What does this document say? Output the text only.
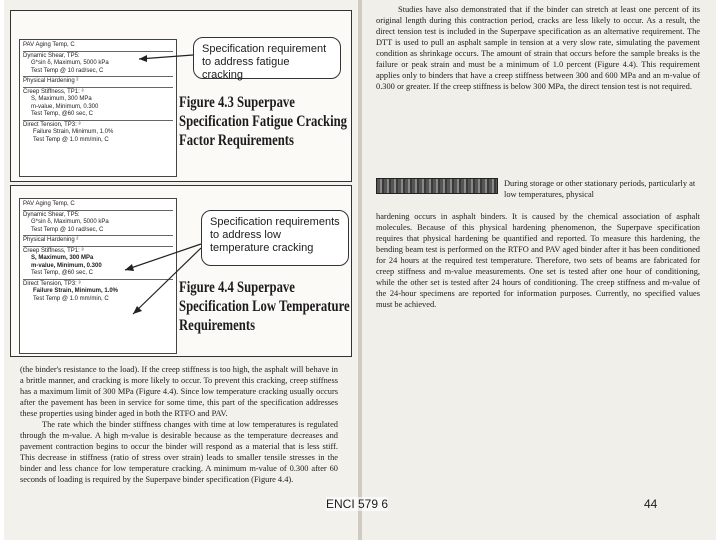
PAV Aging Temp, C
Dynamic Shear, TP5:
G*sin δ, Maximum, 5000 kPa
Test Temp @ 10 rad/sec, C
Physical Hardening ²
Creep Stiffness, TP1: ³
S, Maximum, 300 MPa
m-value, Minimum, 0.300
Test Temp, @60 sec, C
Direct Tension, TP3: ³
Failure Strain, Minimum, 1.0%
Test Temp @ 1.0 mm/min, C
Specification requirement to address fatigue cracking
Figure 4.3 Superpave
Specification Fatigue Cracking
Factor Requirements
PAV Aging Temp, C
Dynamic Shear, TP5:
G*sin δ, Maximum, 5000 kPa
Test Temp @ 10 rad/sec, C
Physical Hardening ²
Creep Stiffness, TP1: ³
S, Maximum, 300 MPa
m-value, Minimum, 0.300
Test Temp, @60 sec, C
Direct Tension, TP3: ³
Failure Strain, Minimum, 1.0%
Test Temp @ 1.0 mm/min, C
Specification requirements to address low temperature cracking
Figure 4.4 Superpave
Specification Low Temperature
Requirements

(the binder's resistance to the load). If the creep stiffness is too high, the asphalt will behave in a brittle manner, and cracking is more likely to occur. To prevent this cracking, creep stiffness has a maximum limit of 300 MPa (Figure 4.4). Since low temperature cracking usually occurs after the pavement has been in service for some time, this part of the specification addresses these properties using binder aged in both the RTFO and PAV.

The rate which the binder stiffness changes with time at low temperatures is regulated through the m-value. A high m-value is desirable because as the temperature decreases and pavement contraction begins to occur the binder will respond as a material that is less stiff. This decrease in stiffness (ratio of stress over strain) leads to smaller tensile stresses in the binder and less chance for low temperature cracking. A minimum m-value of 0.300 after 60 seconds of loading is required by the Superpave binder specification (Figure 4.4).

Studies have also demonstrated that if the binder can stretch at least one percent of its original length during this contraction period, cracks are less likely to occur. As a result, the direct tension test is included in the Superpave specification as an alternative requirement. The DTT is used to pull an asphalt sample in tension at a very slow rate, simulating the pavement condition as shrinkage occurs. The amount of strain that occurs before the sample breaks is the failure or peak strain and must be a minimum of 1.0 percent (Figure 4.4). This requirement applies only to binders that have a creep stiffness between 300 and 600 MPa and an m-value of 0.300 or greater. If the creep stiffness is below 300 MPa, the direct tension test is not required.

During storage or other stationary periods, particularly at low temperatures, physical

hardening occurs in asphalt binders. It is caused by the chemical association of asphalt molecules. Because of this physical hardening phenomenon, the Superpave specification requires that physical hardening be quantified and reported. To measure this hardening, the bending beam test is performed on the RTFO and PAV aged binder after it has been conditioned for 24 hours at the required test temperature. Therefore, two sets of beams are fabricated for creep stiffness and m-value measurements. One set is tested after one hour of conditioning, while the other set is tested after 24 hours of conditioning. The creep stiffness and m-value of the 24-hour specimens are reported for information purposes. Currently, no specified values must be achieved.

ENCI 579 6	44
